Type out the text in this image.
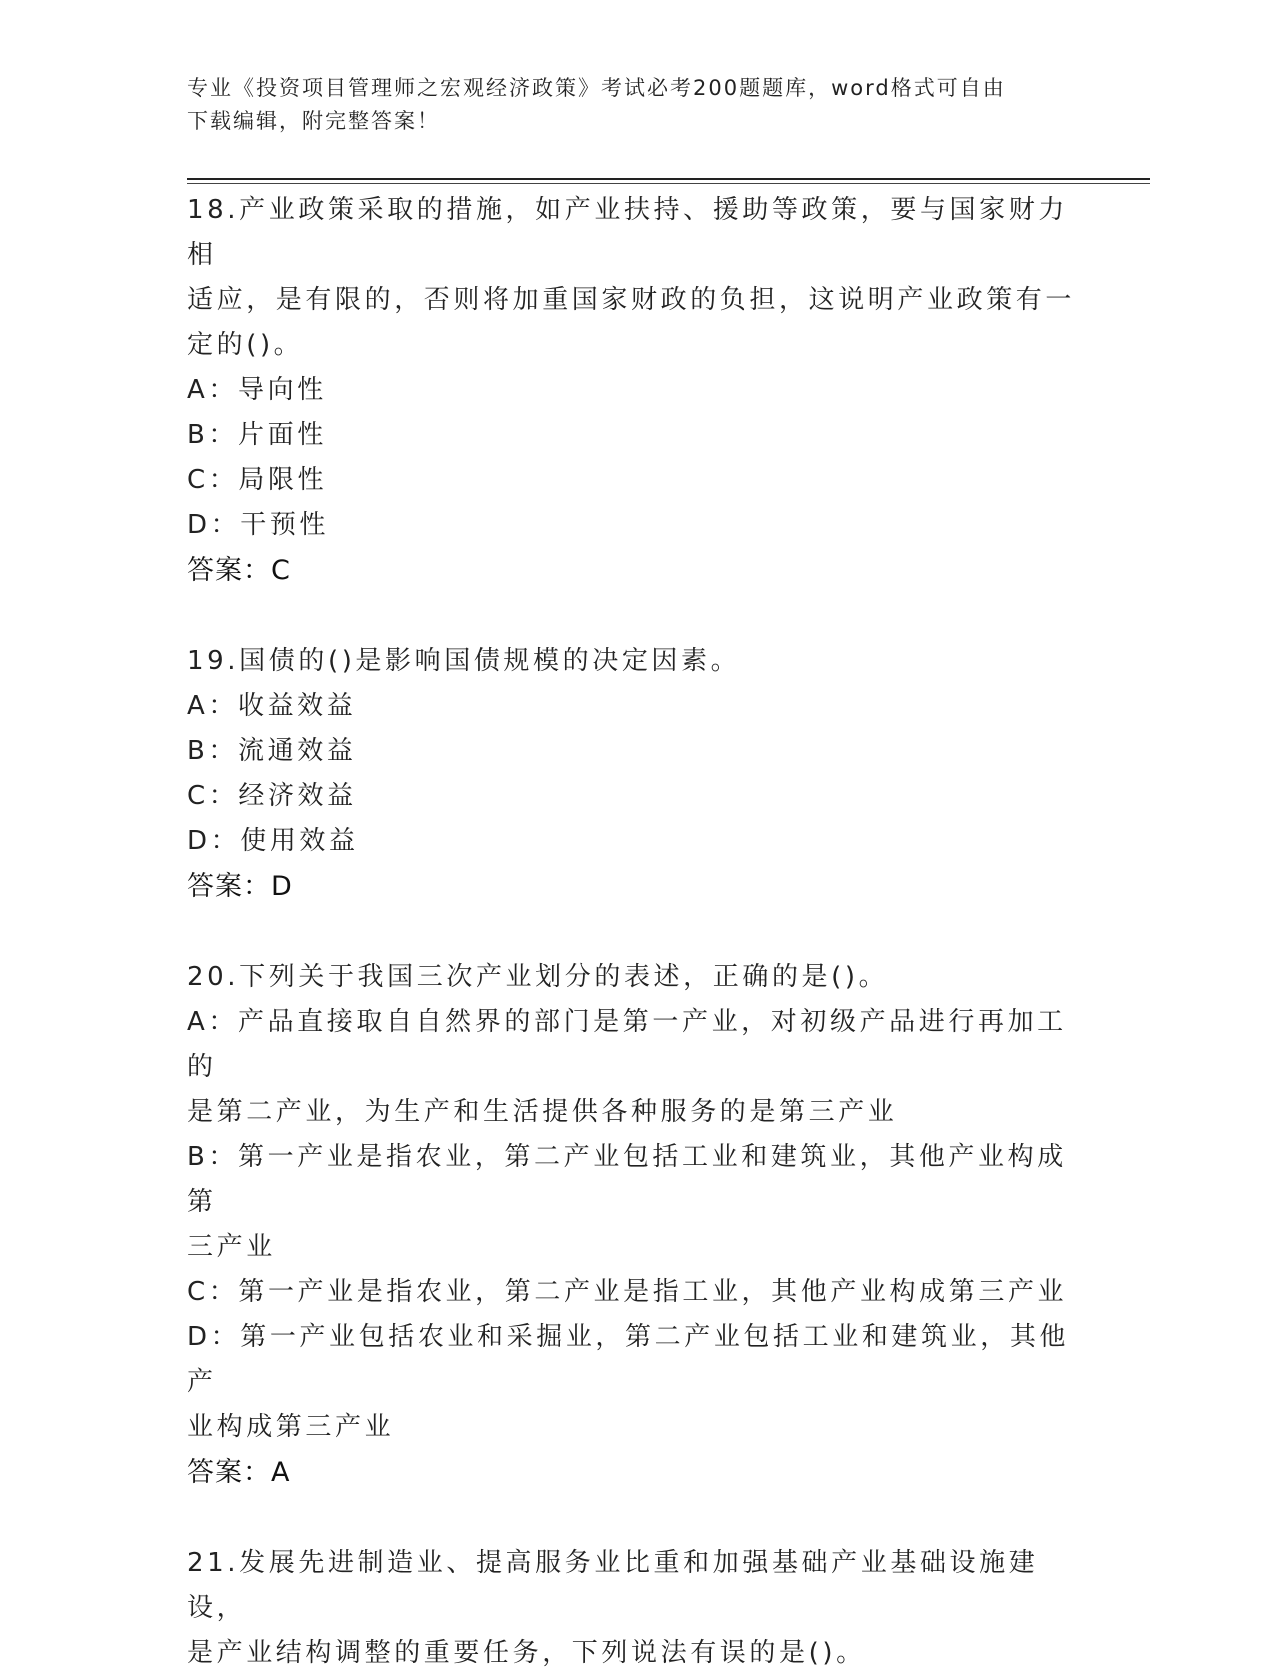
专业《投资项目管理师之宏观经济政策》考试必考200题题库，word格式可自由
下载编辑，附完整答案！
18.产业政策采取的措施，如产业扶持、援助等政策，要与国家财力相
适应，是有限的，否则将加重国家财政的负担，这说明产业政策有一
定的()。
A：导向性
B：片面性
C：局限性
D：干预性
答案：C
19.国债的()是影响国债规模的决定因素。
A：收益效益
B：流通效益
C：经济效益
D：使用效益
答案：D
20.下列关于我国三次产业划分的表述，正确的是()。
A：产品直接取自自然界的部门是第一产业，对初级产品进行再加工的
是第二产业，为生产和生活提供各种服务的是第三产业
B：第一产业是指农业，第二产业包括工业和建筑业，其他产业构成第
三产业
C：第一产业是指农业，第二产业是指工业，其他产业构成第三产业
D：第一产业包括农业和采掘业，第二产业包括工业和建筑业，其他产
业构成第三产业
答案：A
21.发展先进制造业、提高服务业比重和加强基础产业基础设施建设，
是产业结构调整的重要任务，下列说法有误的是()。
